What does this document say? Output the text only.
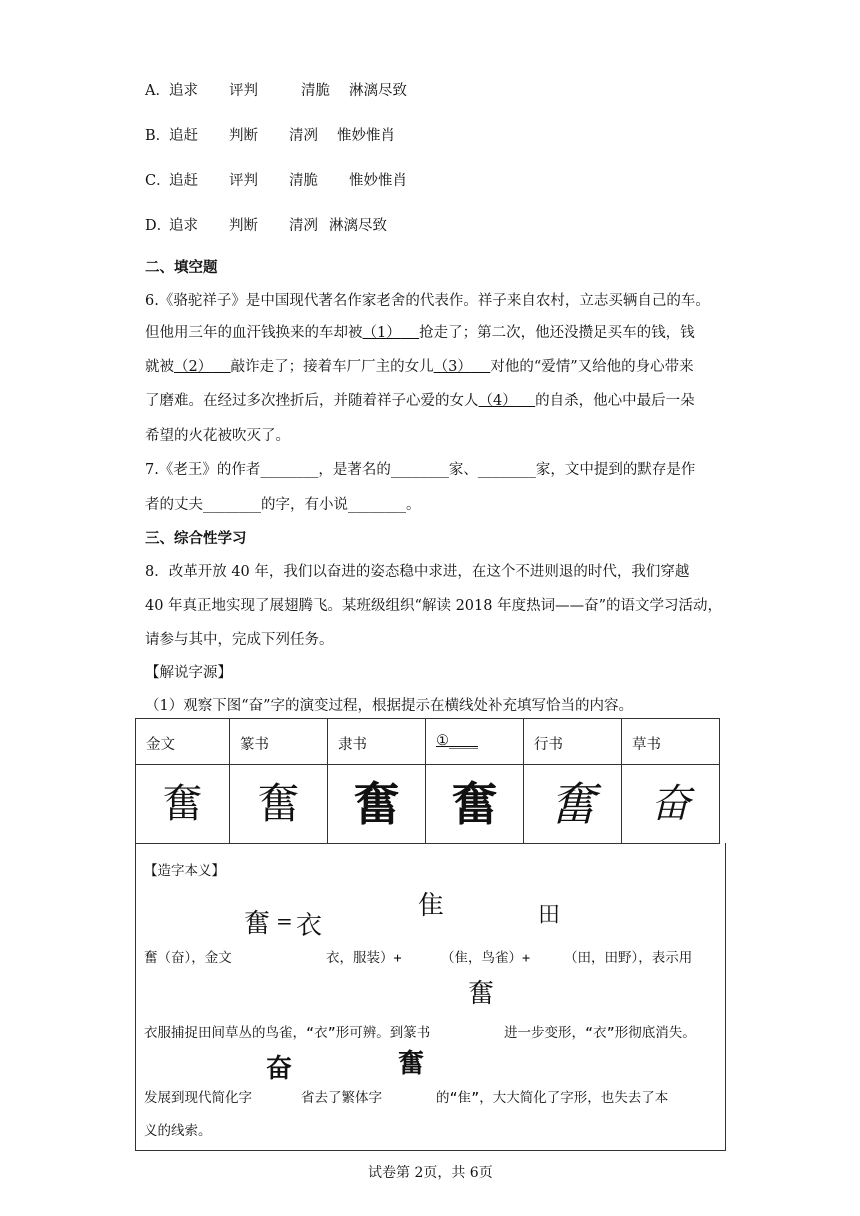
A．追求 评判	清脆 淋漓尽致
B．追赶 判断 清冽 惟妙惟肖
C．追赶 评判 清脆 惟妙惟肖
D．追求 判断 清冽 淋漓尽致
二、填空题
6.《骆驼祥子》是中国现代著名作家老舍的代表作。祥子来自农村，立志买辆自己的车。
但他用三年的血汗钱换来的车却被（1） 抢走了；第二次，他还没攒足买车的钱，钱
就被（2） 敲诈走了；接着车厂厂主的女儿（3） 对他的“爱情”又给他的身心带来
了磨难。在经过多次挫折后，并随着祥子心爱的女人（4） 的自杀，他心中最后一朵
希望的火花被吹灭了。
7.《老王》的作者________，是著名的________家、________家，文中提到的默存是作
者的丈夫________的字，有小说________。
三、综合性学习
8．改革开放 40 年，我们以奋进的姿态稳中求进，在这个不进则退的时代，我们穿越
40 年真正地实现了展翅腾飞。某班级组织“解读 2018 年度热词——奋”的语文学习活动，
请参与其中，完成下列任务。
【解说字源】
（1）观察下图“奋”字的演变过程，根据提示在横线处补充填写恰当的内容。
金文	篆书	隶书	①____	行书	草书

奮	奮	奮	奮	奮	奋
【造字本义】
奮（奋），金文
奮 = 衣
衣，服装）+
隹
（隹，鸟雀）+
田
（田，田野），表示用
衣服捕捉田间草丛的鸟雀，“衣”形可辨。到篆书
奮
进一步变形，“衣”形彻底消失。
发展到现代简化字
奋
省去了繁体字
奮
的“隹”，大大简化了字形，也失去了本
义的线索。
试卷第 2页，共 6页
